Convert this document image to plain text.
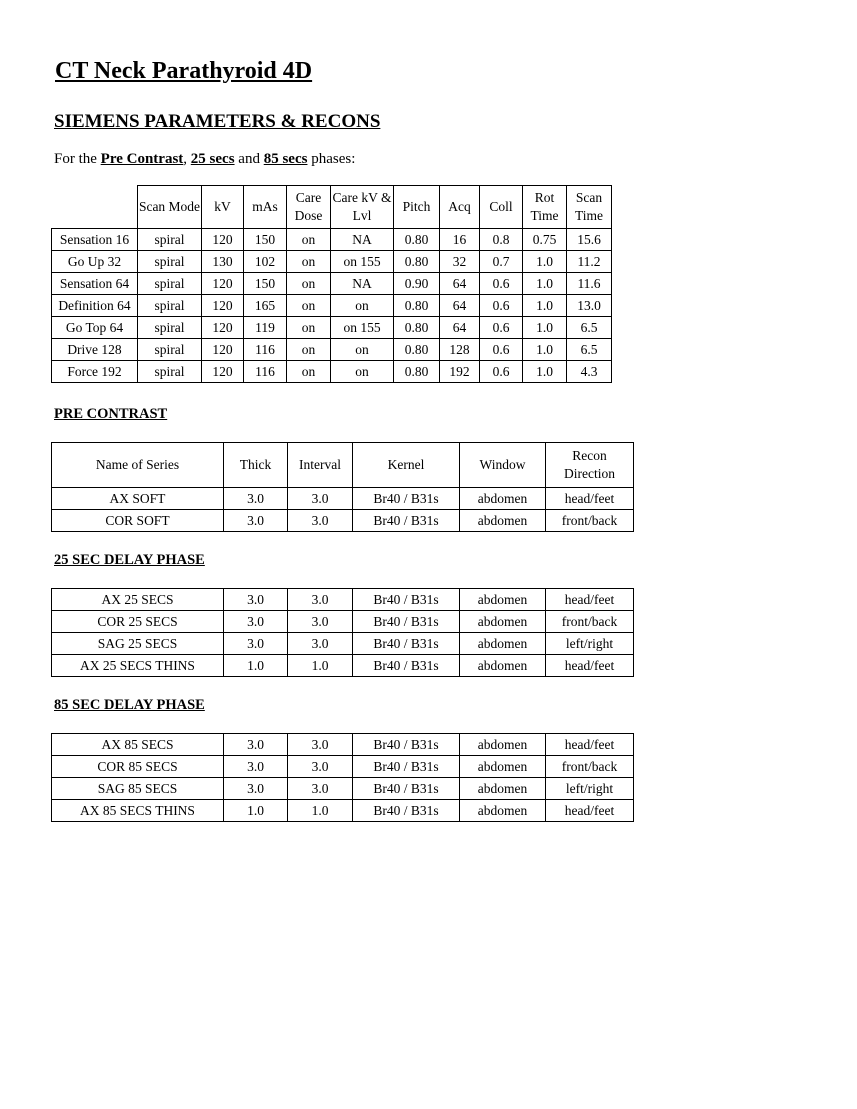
CT Neck Parathyroid 4D
SIEMENS PARAMETERS & RECONS
For the Pre Contrast, 25 secs and 85 secs phases:
	Scan Mode	kV	mAs	Care Dose	Care kV & Lvl	Pitch	Acq	Coll	Rot Time	Scan Time
Sensation 16	spiral	120	150	on	NA	0.80	16	0.8	0.75	15.6
Go Up 32	spiral	130	102	on	on 155	0.80	32	0.7	1.0	11.2
Sensation 64	spiral	120	150	on	NA	0.90	64	0.6	1.0	11.6
Definition 64	spiral	120	165	on	on	0.80	64	0.6	1.0	13.0
Go Top 64	spiral	120	119	on	on 155	0.80	64	0.6	1.0	6.5
Drive 128	spiral	120	116	on	on	0.80	128	0.6	1.0	6.5
Force 192	spiral	120	116	on	on	0.80	192	0.6	1.0	4.3
PRE CONTRAST
Name of Series	Thick	Interval	Kernel	Window	Recon Direction
AX SOFT	3.0	3.0	Br40 / B31s	abdomen	head/feet
COR SOFT	3.0	3.0	Br40 / B31s	abdomen	front/back
25 SEC DELAY PHASE
AX 25 SECS	3.0	3.0	Br40 / B31s	abdomen	head/feet
COR 25 SECS	3.0	3.0	Br40 / B31s	abdomen	front/back
SAG 25 SECS	3.0	3.0	Br40 / B31s	abdomen	left/right
AX 25 SECS THINS	1.0	1.0	Br40 / B31s	abdomen	head/feet
85 SEC DELAY PHASE
AX 85 SECS	3.0	3.0	Br40 / B31s	abdomen	head/feet
COR 85 SECS	3.0	3.0	Br40 / B31s	abdomen	front/back
SAG 85 SECS	3.0	3.0	Br40 / B31s	abdomen	left/right
AX 85 SECS THINS	1.0	1.0	Br40 / B31s	abdomen	head/feet
